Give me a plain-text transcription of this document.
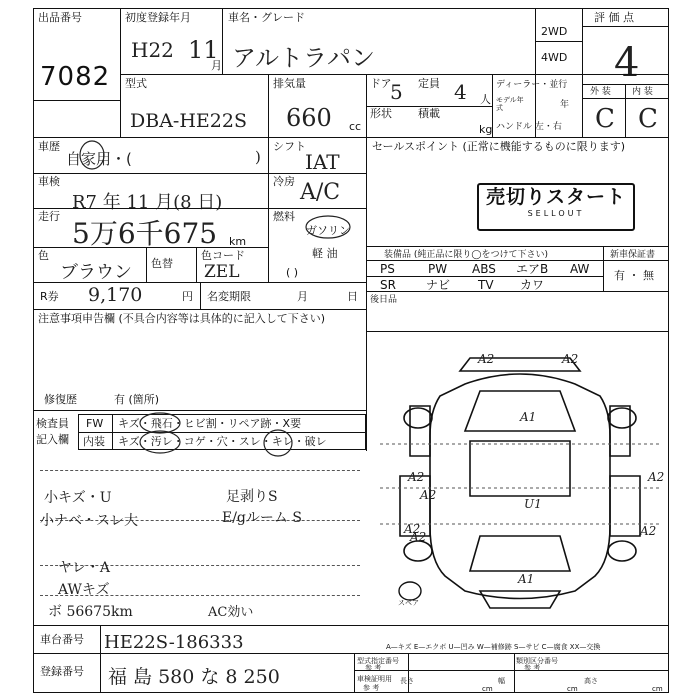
出品番号
7082
初度登録年月
H22 11
月
車名・グレード
アルトラパン
2WD
4WD
評 価 点
4
型式
DBA-HE22S
排気量
660 cc
ドア
5 定員 4 人
形状 積載
kg
ディーラー・並行
モデル年式	年
ハンドル 左・右
外 装 内 装
C C
車歴
自家用・(	)
シフト
IAT
車検
R7 年 11 月(8 日)
冷房 A/C
走行
5万6千675 km
燃料
ガソリン
軽 油
( )
色
ブラウン 色替
色コード
ZEL
R券 9,170	円 名変期限	月	日
セールスポイント (正常に機能するものに限ります)
売切りスタート
SELLOUT
装備品 (純正品に限り◯をつけて下さい)	新車保証書
有 ・ 無
PS	PW ABS エアB AW
SR	ナビ TV カワ
後日品
注意事項申告欄 (不具合内容等は具体的に記入して下さい)
修復歴	有 (箇所)
検査員
記入欄
FW キズ・飛石・ヒビ割・リペア跡・X要
内装 キズ・汚レ・コゲ・穴・スレ・キレ・破レ
小キズ・U
小ナベ・スレ大
足剥りS
E/gルーム S
ヤレ・A
AWキズ
ボ 56675km	AC効い
A2	A2
A1
A2	A2
A2
A2
U1
A2	A2
A1
スペア
A—キズ E—エクボ U—凹み W—補修跡 S—サビ C—腐食 XX—交換
車台番号 HE22S-186333
登録番号 福 島 580 な 8 250
型式指定番号
参 考
類別区分番号
参 考
車検証明用
参 考
長さ
cm
幅
cm
高さ
cm
